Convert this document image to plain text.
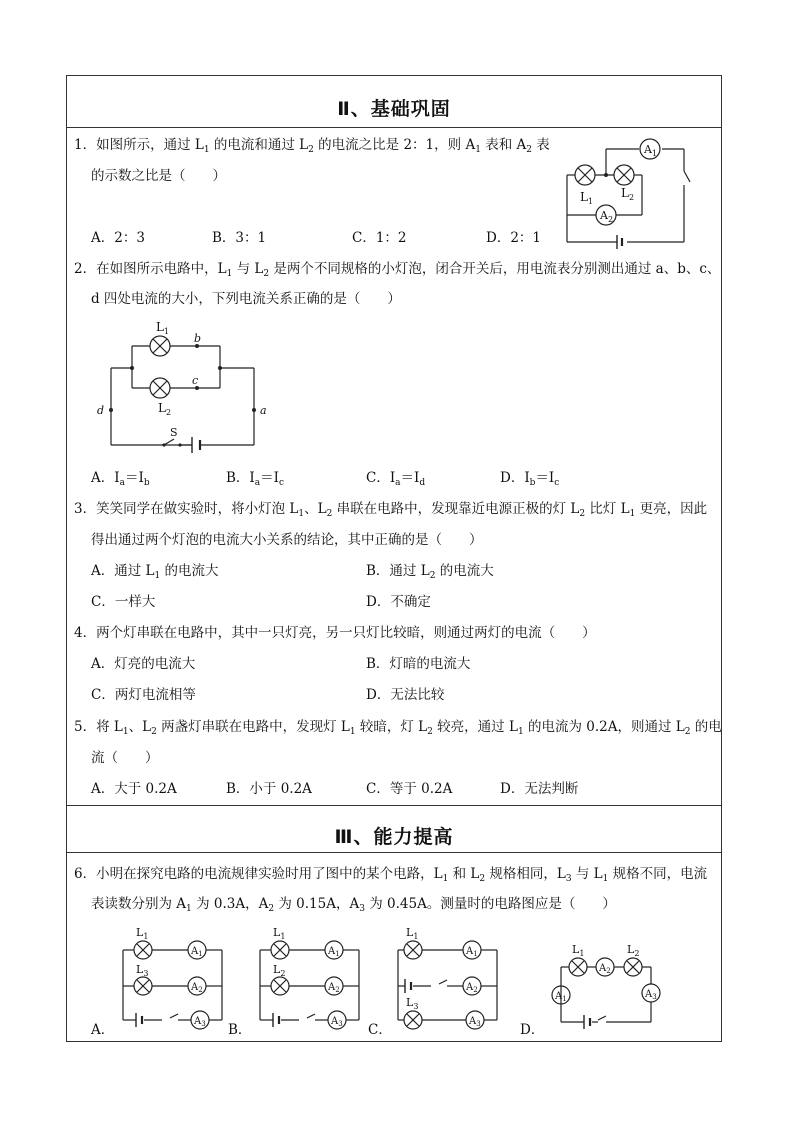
Ⅱ、基础巩固
Ⅲ、能力提高
1．如图所示，通过 $L_1$ 的电流和通过 $L_2$ 的电流之比是 2：1，则 $A_1$ 表和 $A_2$ 表
的示数之比是（　　）
A．2：3	B．3：1	C．1：2	D．2：1
$A_1$
$A_2$
$L_1$
$L_2$
2．在如图所示电路中，$L_1$ 与 $L_2$ 是两个不同规格的小灯泡，闭合开关后，用电流表分别测出通过 a、b、c、
d 四处电流的大小，下列电流关系正确的是（　　）
$L_1$
$L_2$
b
c
d	a
S
A．$I_a=I_b$	B．$I_a=I_c$	C．$I_a=I_d$	D．$I_b=I_c$
3．笑笑同学在做实验时，将小灯泡 $L_1$、$L_2$ 串联在电路中，发现靠近电源正极的灯 $L_2$ 比灯 $L_1$ 更亮，因此
得出通过两个灯泡的电流大小关系的结论，其中正确的是（　　）
A．通过 $L_1$ 的电流大	B．通过 $L_2$ 的电流大
C．一样大	D．不确定
4．两个灯串联在电路中，其中一只灯亮，另一只灯比较暗，则通过两灯的电流（　　）
A．灯亮的电流大	B．灯暗的电流大
C．两灯电流相等	D．无法比较
5．将 $L_1$、$L_2$ 两盏灯串联在电路中，发现灯 $L_1$ 较暗，灯 $L_2$ 较亮，通过 $L_1$ 的电流为 0.2A，则通过 $L_2$ 的电
流（　　）
A．大于 0.2A	B．小于 0.2A	C．等于 0.2A	D．无法判断
6．小明在探究电路的电流规律实验时用了图中的某个电路，$L_1$ 和 $L_2$ 规格相同，$L_3$ 与 $L_1$ 规格不同，电流
表读数分别为 $A_1$ 为 0.3A，$A_2$ 为 0.15A，$A_3$ 为 0.45A。测量时的电路图应是（　　）
A．	B．	C．	D．
$L_1$
$L_3$
$A_1$
$A_2$
$A_3$
$L_1$
$L_2$
$A_1$
$A_2$
$A_3$
$L_1$
$L_3$
$A_1$
$A_2$
$A_3$
$L_1$	$L_2$
$A_2$
$A_1$	$A_3$
